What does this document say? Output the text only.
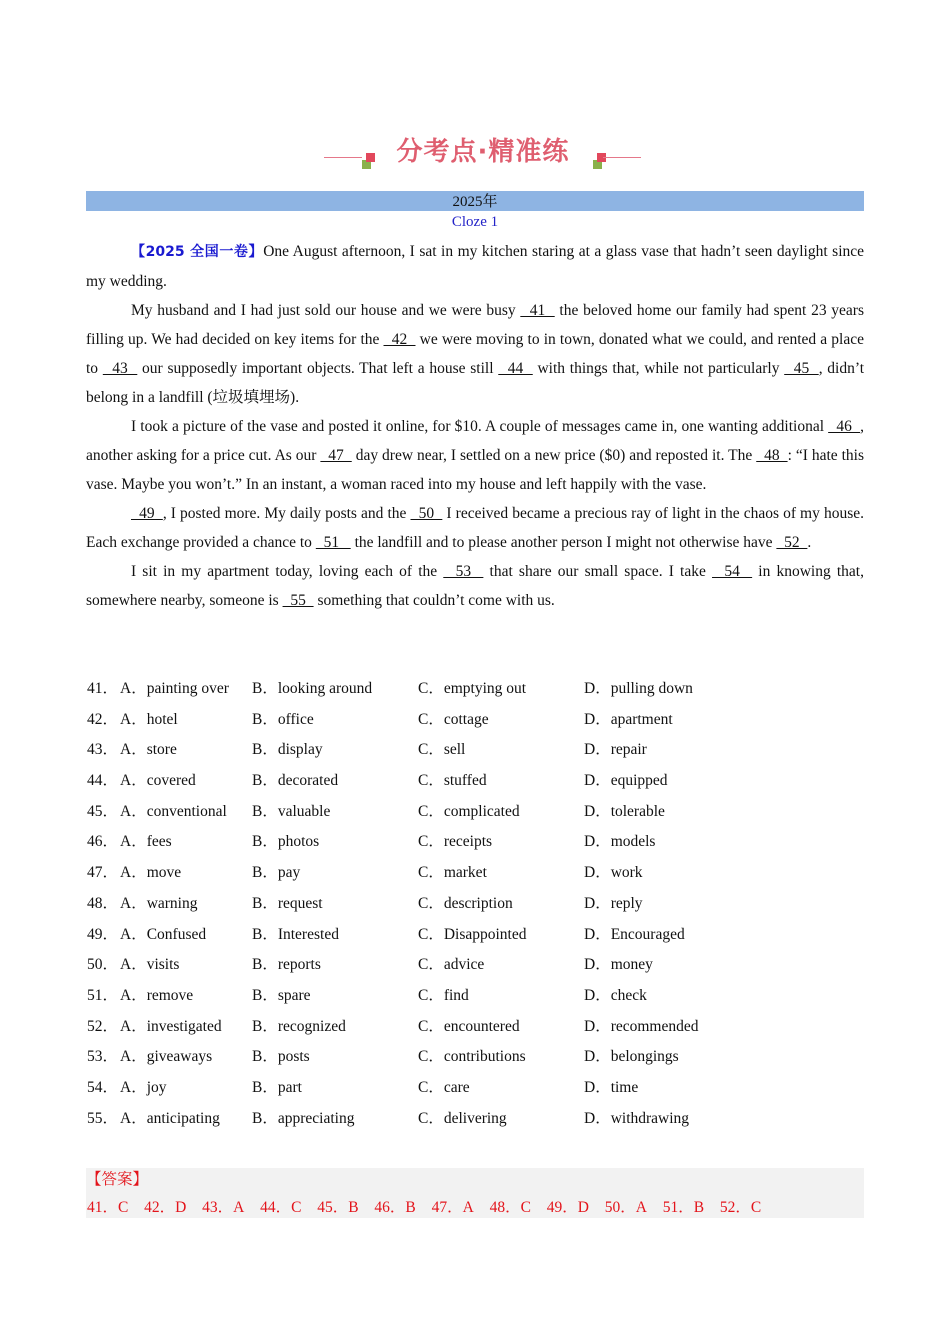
分考点·精准练
2025年
Cloze 1

【2025 全国一卷】One August afternoon, I sat in my kitchen staring at a glass vase that hadn’t seen daylight since my wedding.

My husband and I had just sold our house and we were busy   41   the beloved home our family had spent 23 years filling up. We had decided on key items for the   42   we were moving to in town, donated what we could, and rented a place to   43   our supposedly important objects. That left a house still   44   with things that, while not particularly   45  , didn’t belong in a landfill (垃圾填埋场).

I took a picture of the vase and posted it online, for $10. A couple of messages came in, one wanting additional   46  , another asking for a price cut. As our   47   day drew near, I settled on a new price ($0) and reposted it. The   48  : “I hate this vase. Maybe you won’t.” In an instant, a woman raced into my house and left happily with the vase.

49  , I posted more. My daily posts and the   50   I received became a precious ray of light in the chaos of my house. Each exchange provided a chance to   51    the landfill and to please another person I might not otherwise have   52  .

I sit in my apartment today, loving each of the   53   that share our small space. I take   54   in knowing that, somewhere nearby, someone is   55   something that couldn’t come with us.

41． A．painting over B．looking around	C．emptying out	D．pulling down
42． A．hotel	B．office	C．cottage	D．apartment
43． A．store	B．display	C．sell	D．repair
44． A．covered	B．decorated	C．stuffed	D．equipped
45． A．conventional B．valuable	C．complicated	D．tolerable
46． A．fees	B．photos	C．receipts	D．models
47． A．move	B．pay	C．market	D．work
48． A．warning	B．request	C．description	D．reply
49． A．Confused	B．Interested	C．Disappointed	D．Encouraged
50． A．visits	B．reports	C．advice	D．money
51． A．remove	B．spare	C．find	D．check
52． A．investigated B．recognized	C．encountered	D．recommended
53． A．giveaways	B．posts	C．contributions	D．belongings
54． A．joy	B．part	C．care	D．time
55． A．anticipating B．appreciating	C．delivering	D．withdrawing
【答案】
41．C 42．D 43．A 44．C 45．B 46．B 47．A 48．C 49．D 50．A 51．B 52．C
